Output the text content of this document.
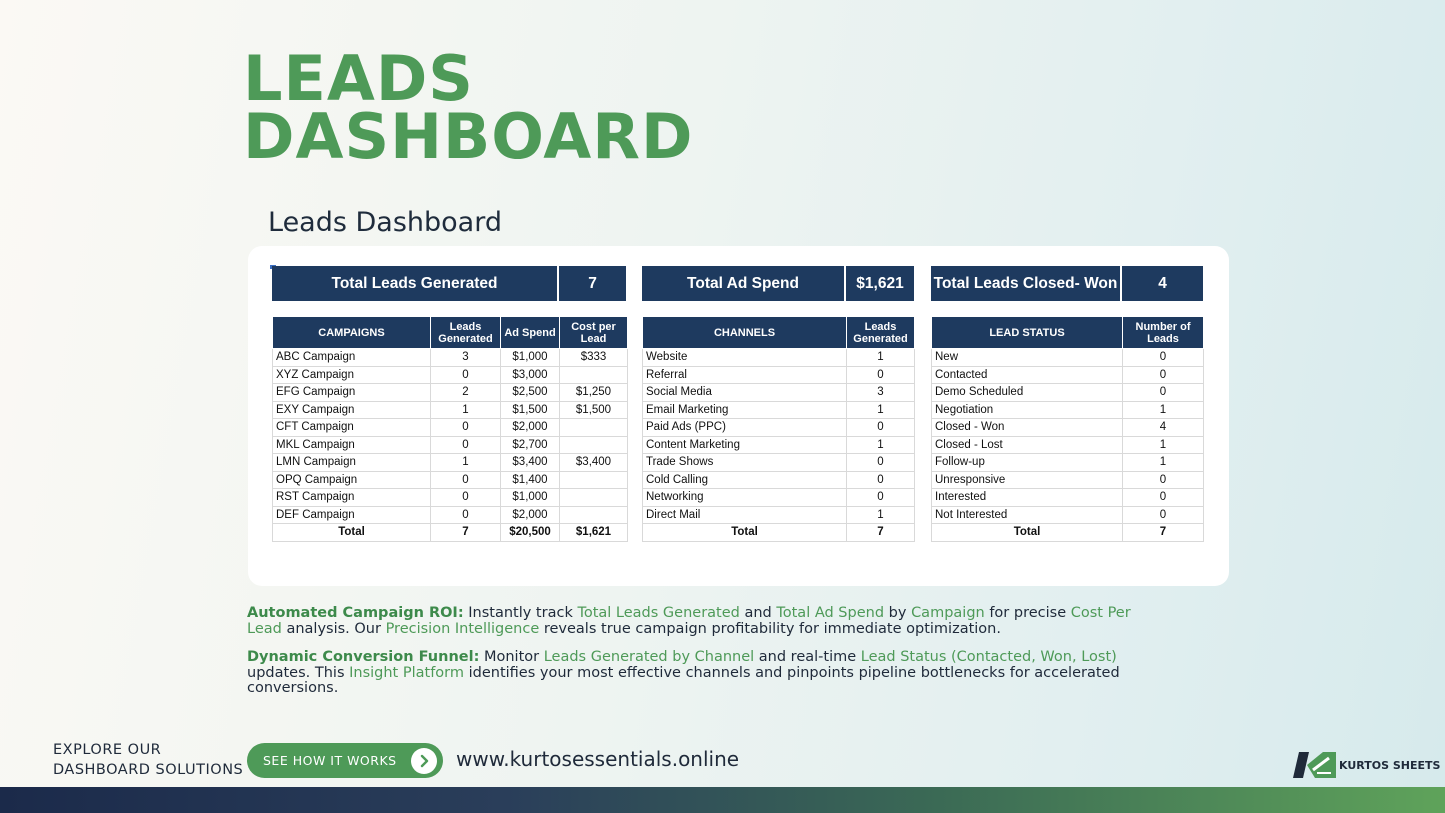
LEADS
DASHBOARD
Leads Dashboard
Total Leads Generated	7	Total Ad Spend	$1,621	Total Leads Closed- Won	4
CAMPAIGNS	Leads Generated	Ad Spend	Cost per Lead
ABC Campaign	3	$1,000	$333
XYZ Campaign	0	$3,000	
EFG Campaign	2	$2,500	$1,250
EXY Campaign	1	$1,500	$1,500
CFT Campaign	0	$2,000	
MKL Campaign	0	$2,700	
LMN Campaign	1	$3,400	$3,400
OPQ Campaign	0	$1,400	
RST Campaign	0	$1,000	
DEF Campaign	0	$2,000	
Total	7	$20,500	$1,621
CHANNELS	Leads Generated
Website	1
Referral	0
Social Media	3
Email Marketing	1
Paid Ads (PPC)	0
Content Marketing	1
Trade Shows	0
Cold Calling	0
Networking	0
Direct Mail	1
Total	7
LEAD STATUS	Number of Leads
New	0
Contacted	0
Demo Scheduled	0
Negotiation	1
Closed - Won	4
Closed - Lost	1
Follow-up	1
Unresponsive	0
Interested	0
Not Interested	0
Total	7

Automated Campaign ROI: Instantly track Total Leads Generated and Total Ad Spend by Campaign for precise Cost Per Lead analysis. Our Precision Intelligence reveals true campaign profitability for immediate optimization.

Dynamic Conversion Funnel: Monitor Leads Generated by Channel and real-time Lead Status (Contacted, Won, Lost) updates. This Insight Platform identifies your most effective channels and pinpoints pipeline bottlenecks for accelerated conversions.

EXPLORE OUR
DASHBOARD SOLUTIONS
SEE HOW IT WORKS	www.kurtosessentials.online	KURTOS SHEETS
